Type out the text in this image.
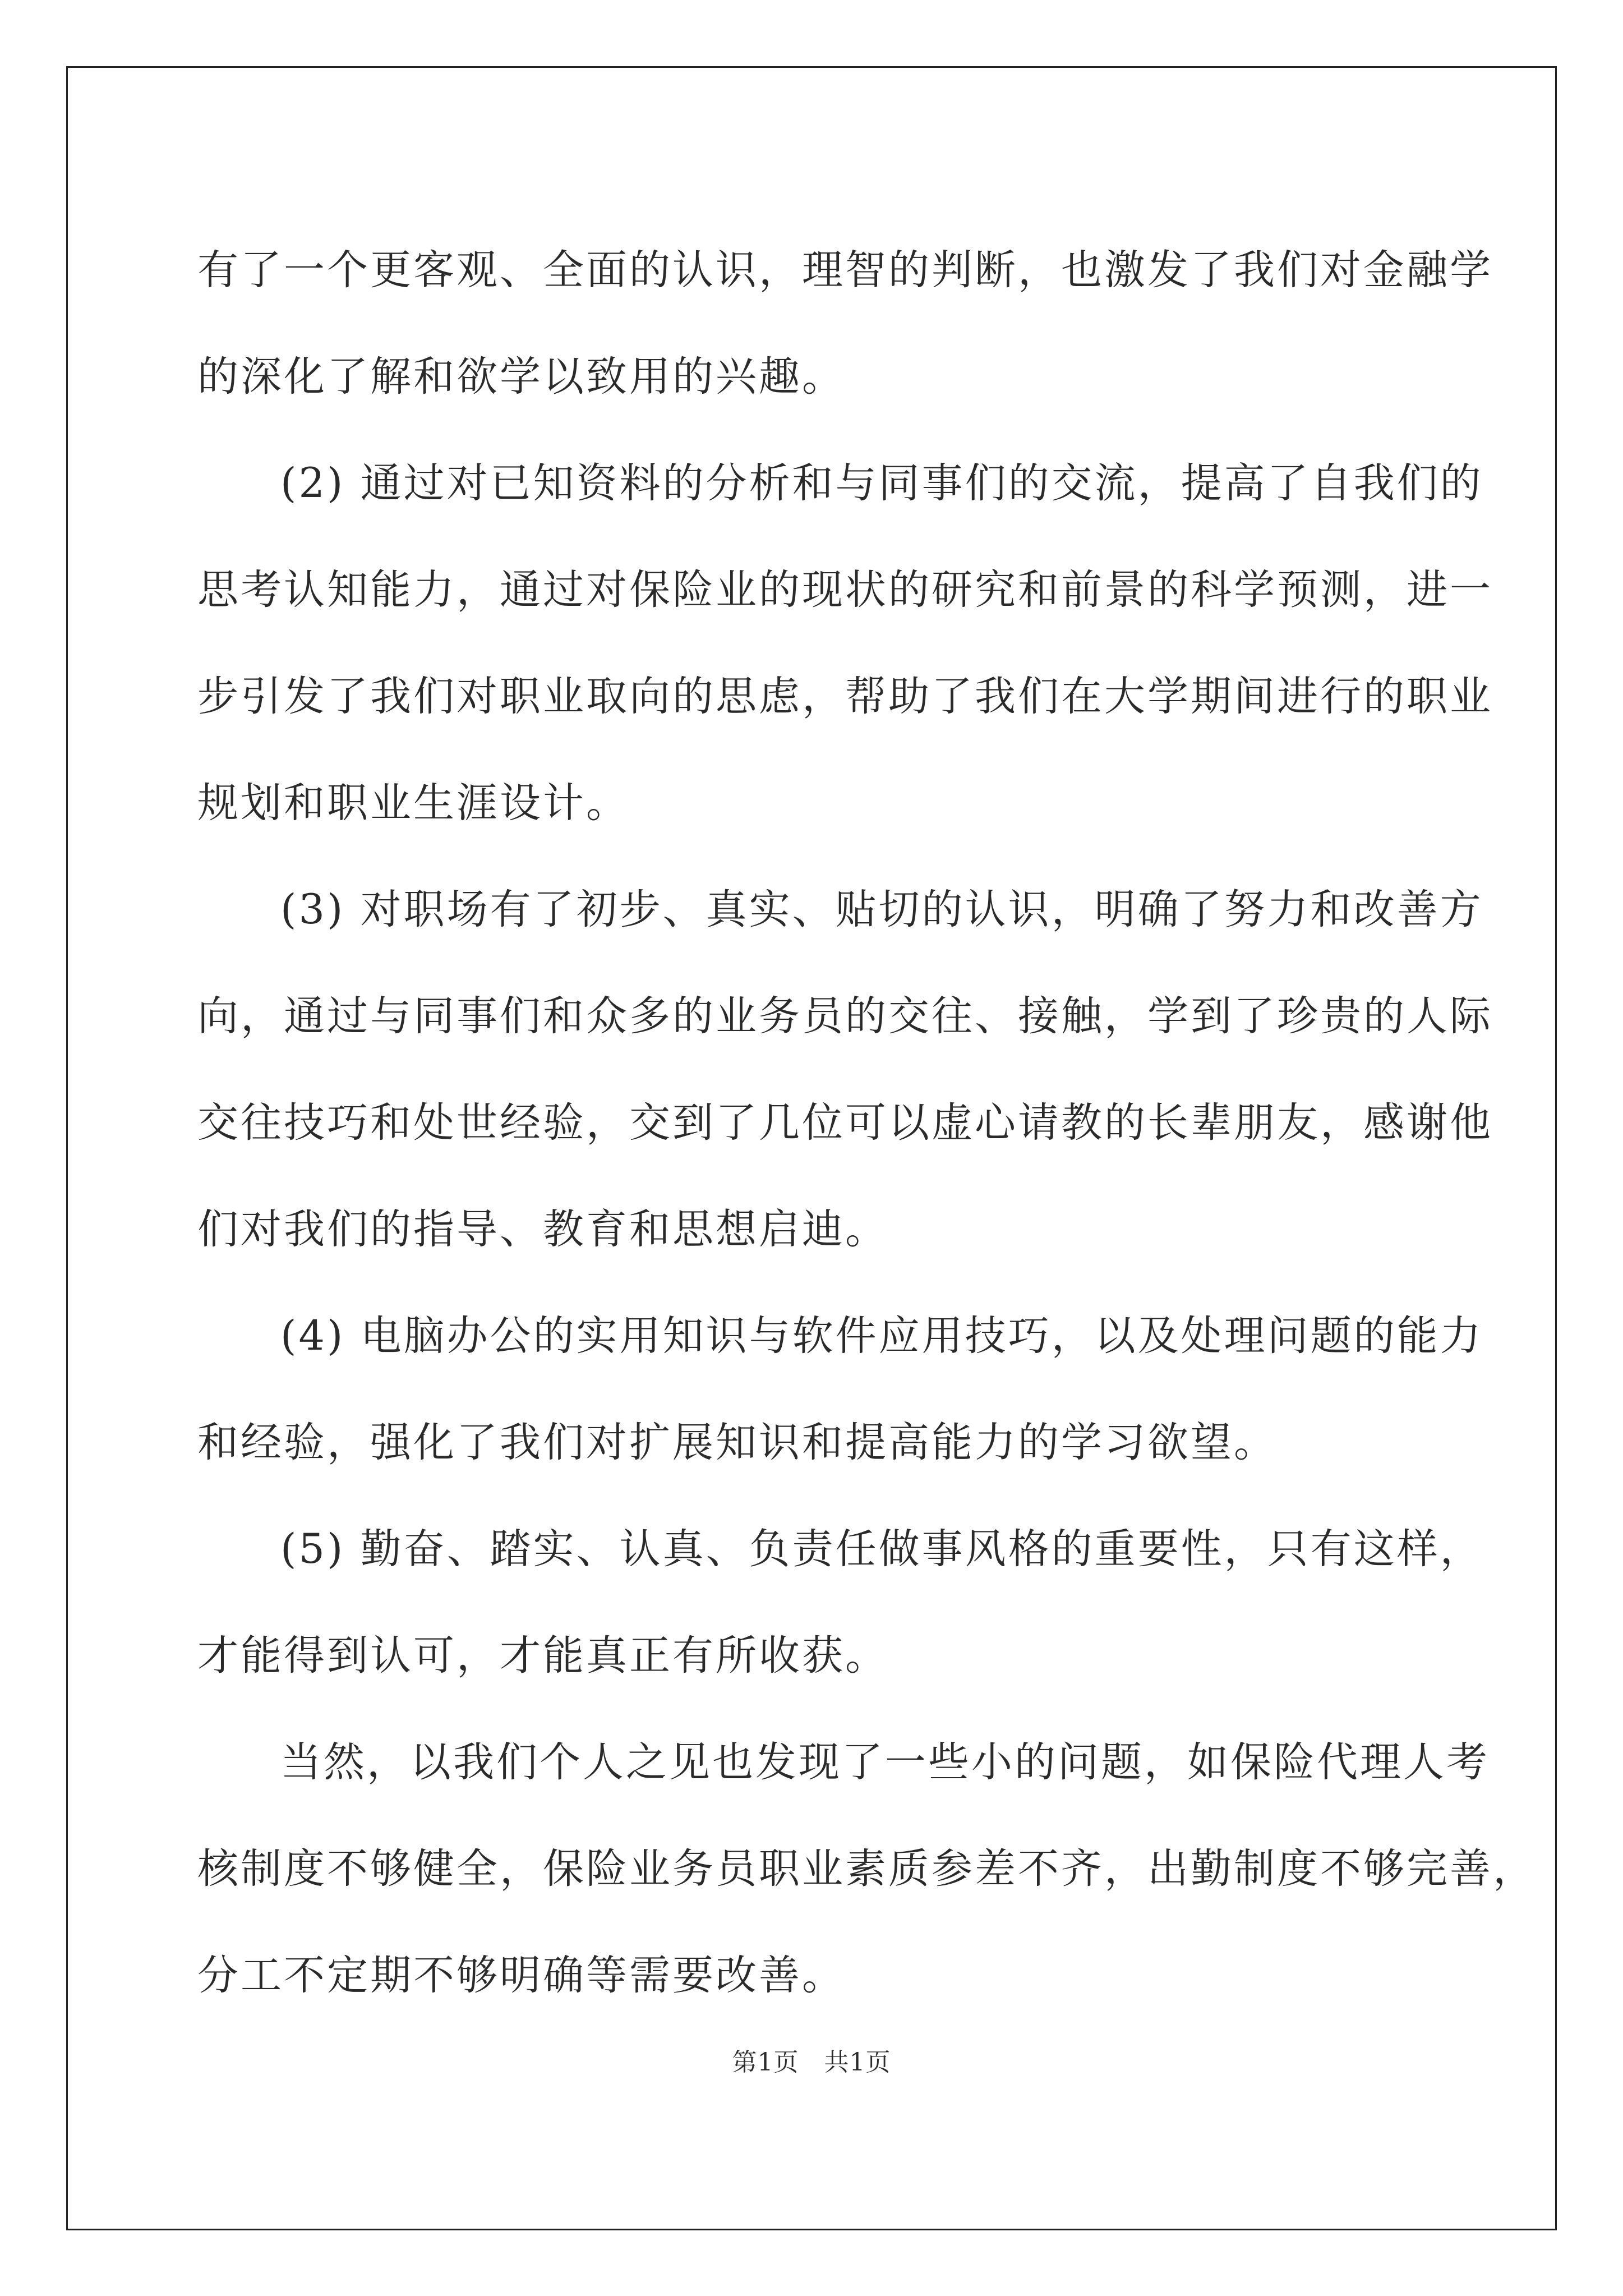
有了一个更客观、全面的认识，理智的判断，也激发了我们对金融学
的深化了解和欲学以致用的兴趣。
(2) 通过对已知资料的分析和与同事们的交流，提高了自我们的
思考认知能力，通过对保险业的现状的研究和前景的科学预测，进一
步引发了我们对职业取向的思虑，帮助了我们在大学期间进行的职业
规划和职业生涯设计。
(3) 对职场有了初步、真实、贴切的认识，明确了努力和改善方
向，通过与同事们和众多的业务员的交往、接触，学到了珍贵的人际
交往技巧和处世经验，交到了几位可以虚心请教的长辈朋友，感谢他
们对我们的指导、教育和思想启迪。
(4) 电脑办公的实用知识与软件应用技巧，以及处理问题的能力
和经验，强化了我们对扩展知识和提高能力的学习欲望。
(5) 勤奋、踏实、认真、负责任做事风格的重要性，只有这样，
才能得到认可，才能真正有所收获。
当然，以我们个人之见也发现了一些小的问题，如保险代理人考
核制度不够健全，保险业务员职业素质参差不齐，出勤制度不够完善，
分工不定期不够明确等需要改善。
第1页　共1页
